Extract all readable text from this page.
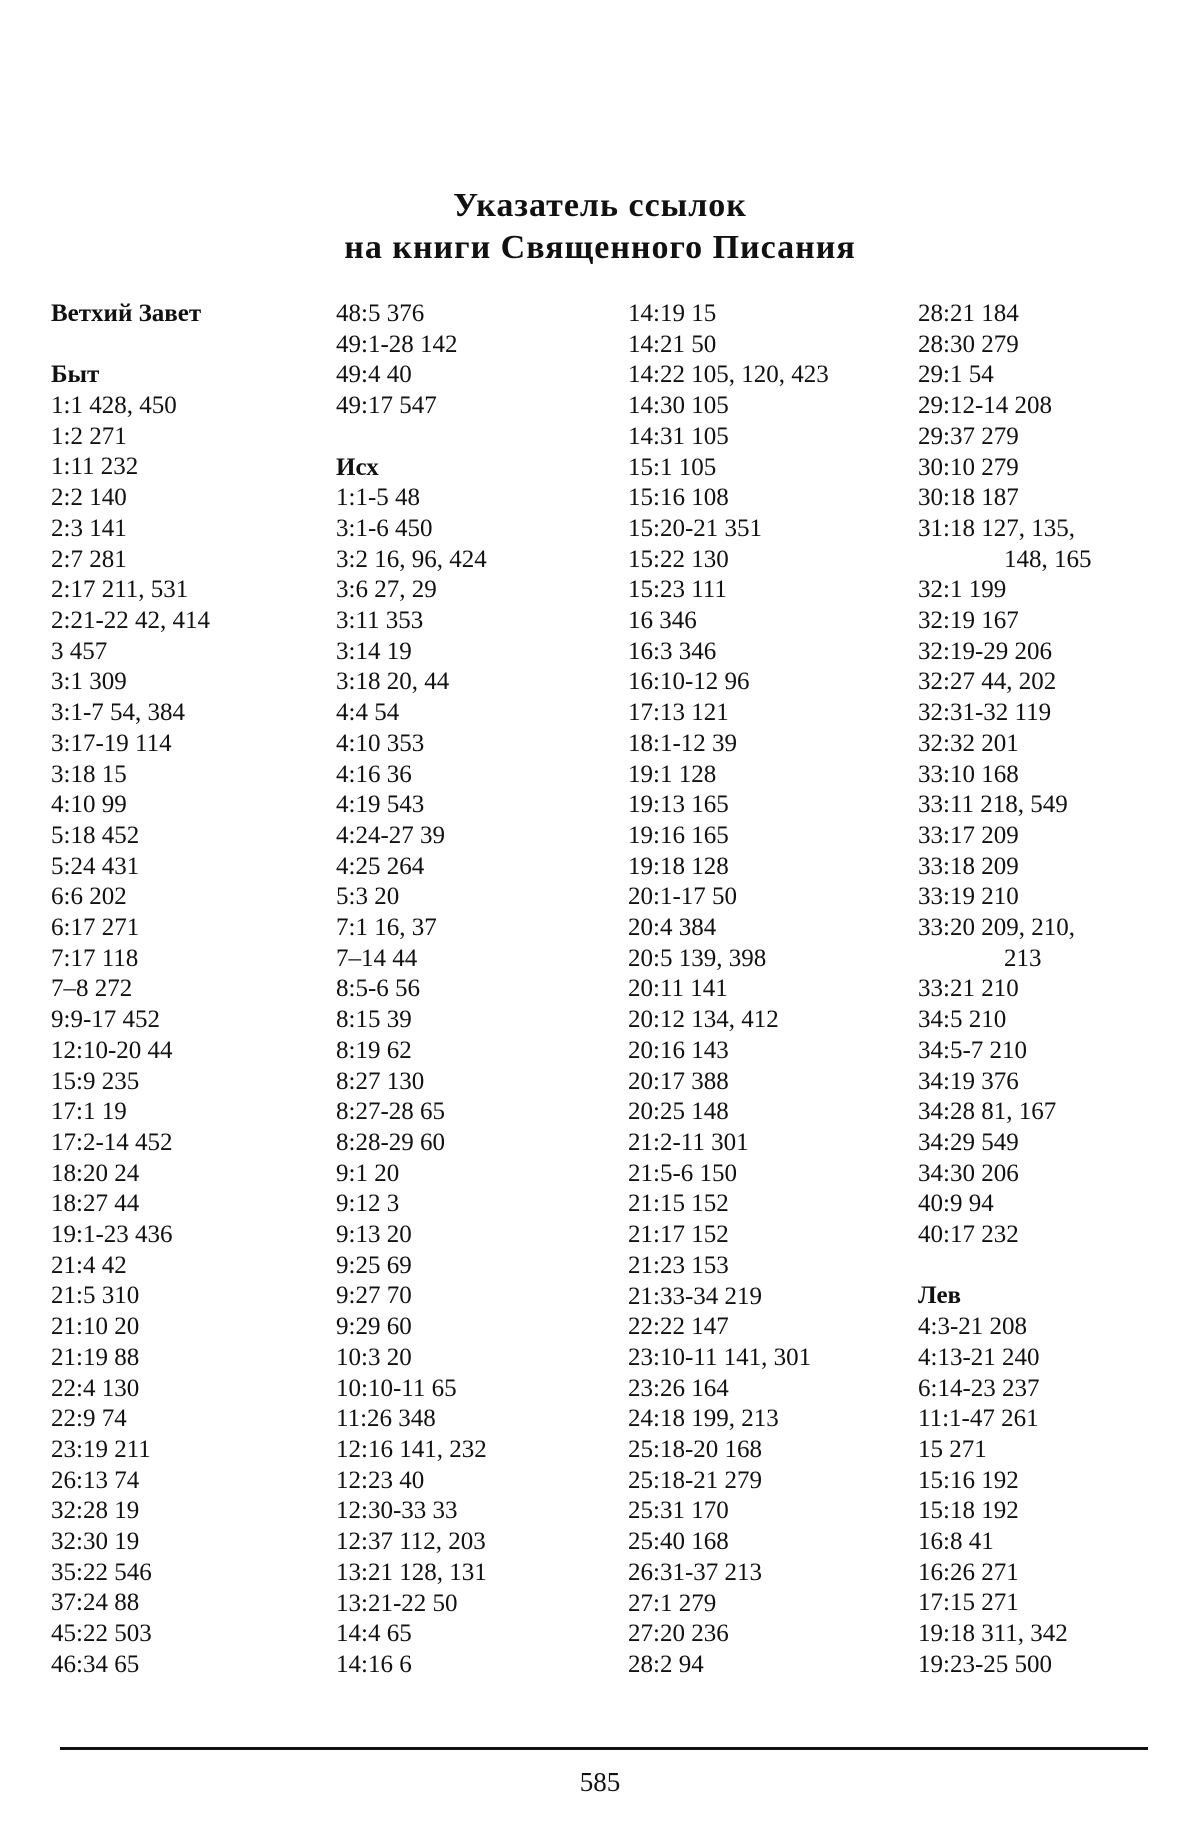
Указатель ссылок
на книги Священного Писания
Ветхий Завет
Быт
1:1 428, 450
1:2 271
1:11 232
2:2 140
2:3 141
2:7 281
2:17 211, 531
2:21-22 42, 414
3 457
3:1 309
3:1-7 54, 384
3:17-19 114
3:18 15
4:10 99
5:18 452
5:24 431
6:6 202
6:17 271
7:17 118
7–8 272
9:9-17 452
12:10-20 44
15:9 235
17:1 19
17:2-14 452
18:20 24
18:27 44
19:1-23 436
21:4 42
21:5 310
21:10 20
21:19 88
22:4 130
22:9 74
23:19 211
26:13 74
32:28 19
32:30 19
35:22 546
37:24 88
45:22 503
46:34 65
48:5 376
49:1-28 142
49:4 40
49:17 547
Исх
1:1-5 48
3:1-6 450
3:2 16, 96, 424
3:6 27, 29
3:11 353
3:14 19
3:18 20, 44
4:4 54
4:10 353
4:16 36
4:19 543
4:24-27 39
4:25 264
5:3 20
7:1 16, 37
7–14 44
8:5-6 56
8:15 39
8:19 62
8:27 130
8:27-28 65
8:28-29 60
9:1 20
9:12 3
9:13 20
9:25 69
9:27 70
9:29 60
10:3 20
10:10-11 65
11:26 348
12:16 141, 232
12:23 40
12:30-33 33
12:37 112, 203
13:21 128, 131
13:21-22 50
14:4 65
14:16 6
14:19 15
14:21 50
14:22 105, 120, 423
14:30 105
14:31 105
15:1 105
15:16 108
15:20-21 351
15:22 130
15:23 111
16 346
16:3 346
16:10-12 96
17:13 121
18:1-12 39
19:1 128
19:13 165
19:16 165
19:18 128
20:1-17 50
20:4 384
20:5 139, 398
20:11 141
20:12 134, 412
20:16 143
20:17 388
20:25 148
21:2-11 301
21:5-6 150
21:15 152
21:17 152
21:23 153
21:33-34 219
22:22 147
23:10-11 141, 301
23:26 164
24:18 199, 213
25:18-20 168
25:18-21 279
25:31 170
25:40 168
26:31-37 213
27:1 279
27:20 236
28:2 94
28:21 184
28:30 279
29:1 54
29:12-14 208
29:37 279
30:10 279
30:18 187
31:18 127, 135,
148, 165
32:1 199
32:19 167
32:19-29 206
32:27 44, 202
32:31-32 119
32:32 201
33:10 168
33:11 218, 549
33:17 209
33:18 209
33:19 210
33:20 209, 210,
213
33:21 210
34:5 210
34:5-7 210
34:19 376
34:28 81, 167
34:29 549
34:30 206
40:9 94
40:17 232
Лев
4:3-21 208
4:13-21 240
6:14-23 237
11:1-47 261
15 271
15:16 192
15:18 192
16:8 41
16:26 271
17:15 271
19:18 311, 342
19:23-25 500
585
